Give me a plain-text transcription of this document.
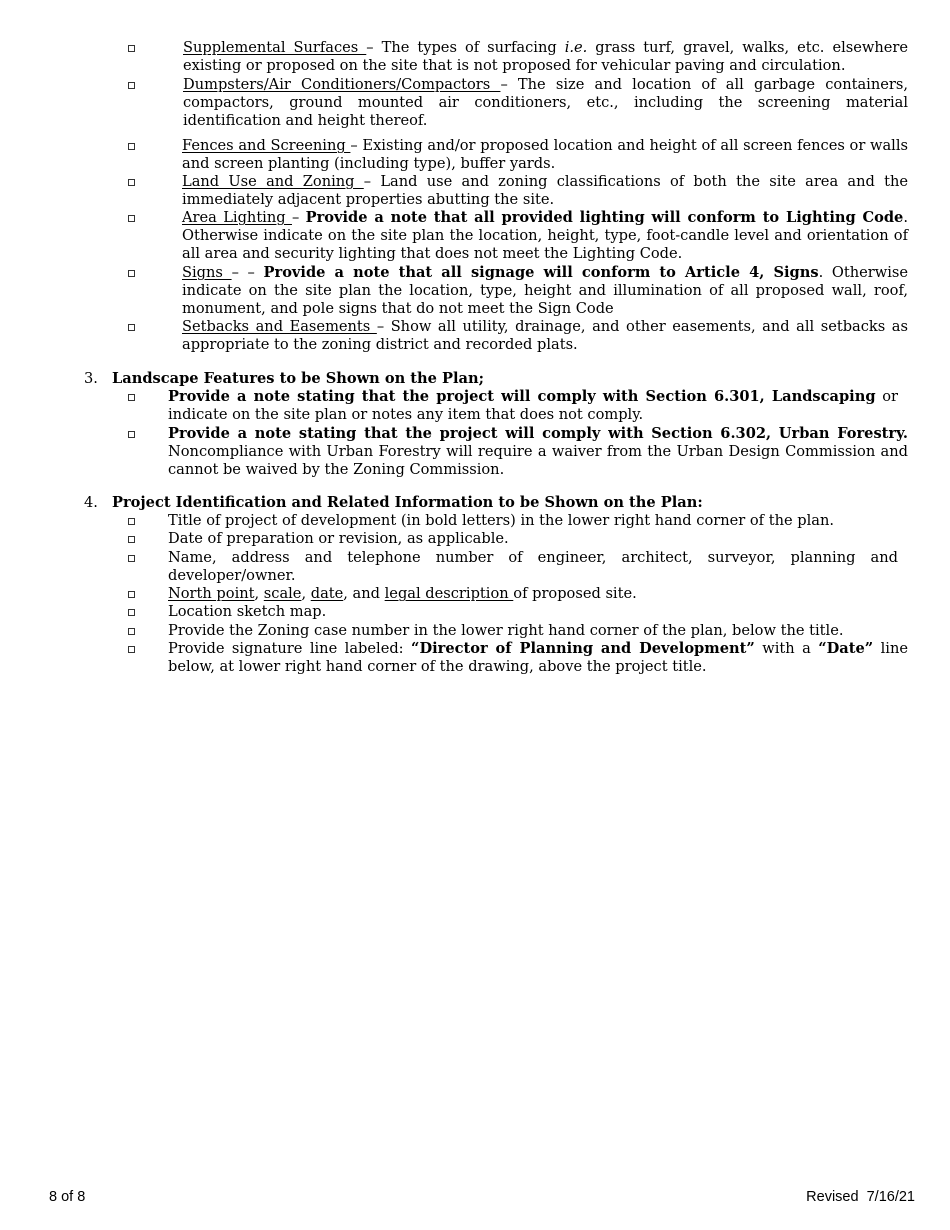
Supplemental Surfaces – The types of surfacing i.e. grass turf, gravel, walks, etc. elsewhere existing or proposed on the site that is not proposed for vehicular paving and circulation.
Dumpsters/Air Conditioners/Compactors – The size and location of all garbage containers, compactors, ground mounted air conditioners, etc., including the screening material identification and height thereof.
Fences and Screening – Existing and/or proposed location and height of all screen fences or walls and screen planting (including type), buffer yards.
Land Use and Zoning – Land use and zoning classifications of both the site area and the immediately adjacent properties abutting the site.
Area Lighting – Provide a note that all provided lighting will conform to Lighting Code. Otherwise indicate on the site plan the location, height, type, foot-candle level and orientation of all area and security lighting that does not meet the Lighting Code.
Signs – – Provide a note that all signage will conform to Article 4, Signs. Otherwise indicate on the site plan the location, type, height and illumination of all proposed wall, roof, monument, and pole signs that do not meet the Sign Code
Setbacks and Easements – Show all utility, drainage, and other easements, and all setbacks as appropriate to the zoning district and recorded plats.
3. Landscape Features to be Shown on the Plan;
Provide a note stating that the project will comply with Section 6.301, Landscaping or indicate on the site plan or notes any item that does not comply.
Provide a note stating that the project will comply with Section 6.302, Urban Forestry. Noncompliance with Urban Forestry will require a waiver from the Urban Design Commission and cannot be waived by the Zoning Commission.
4. Project Identification and Related Information to be Shown on the Plan:
Title of project of development (in bold letters) in the lower right hand corner of the plan.
Date of preparation or revision, as applicable.
Name, address and telephone number of engineer, architect, surveyor, planning and developer/owner.
North point, scale, date, and legal description of proposed site.
Location sketch map.
Provide the Zoning case number in the lower right hand corner of the plan, below the title.
Provide signature line labeled: “Director of Planning and Development” with a “Date” line below, at lower right hand corner of the drawing, above the project title.
8 of 8	Revised  7/16/21
